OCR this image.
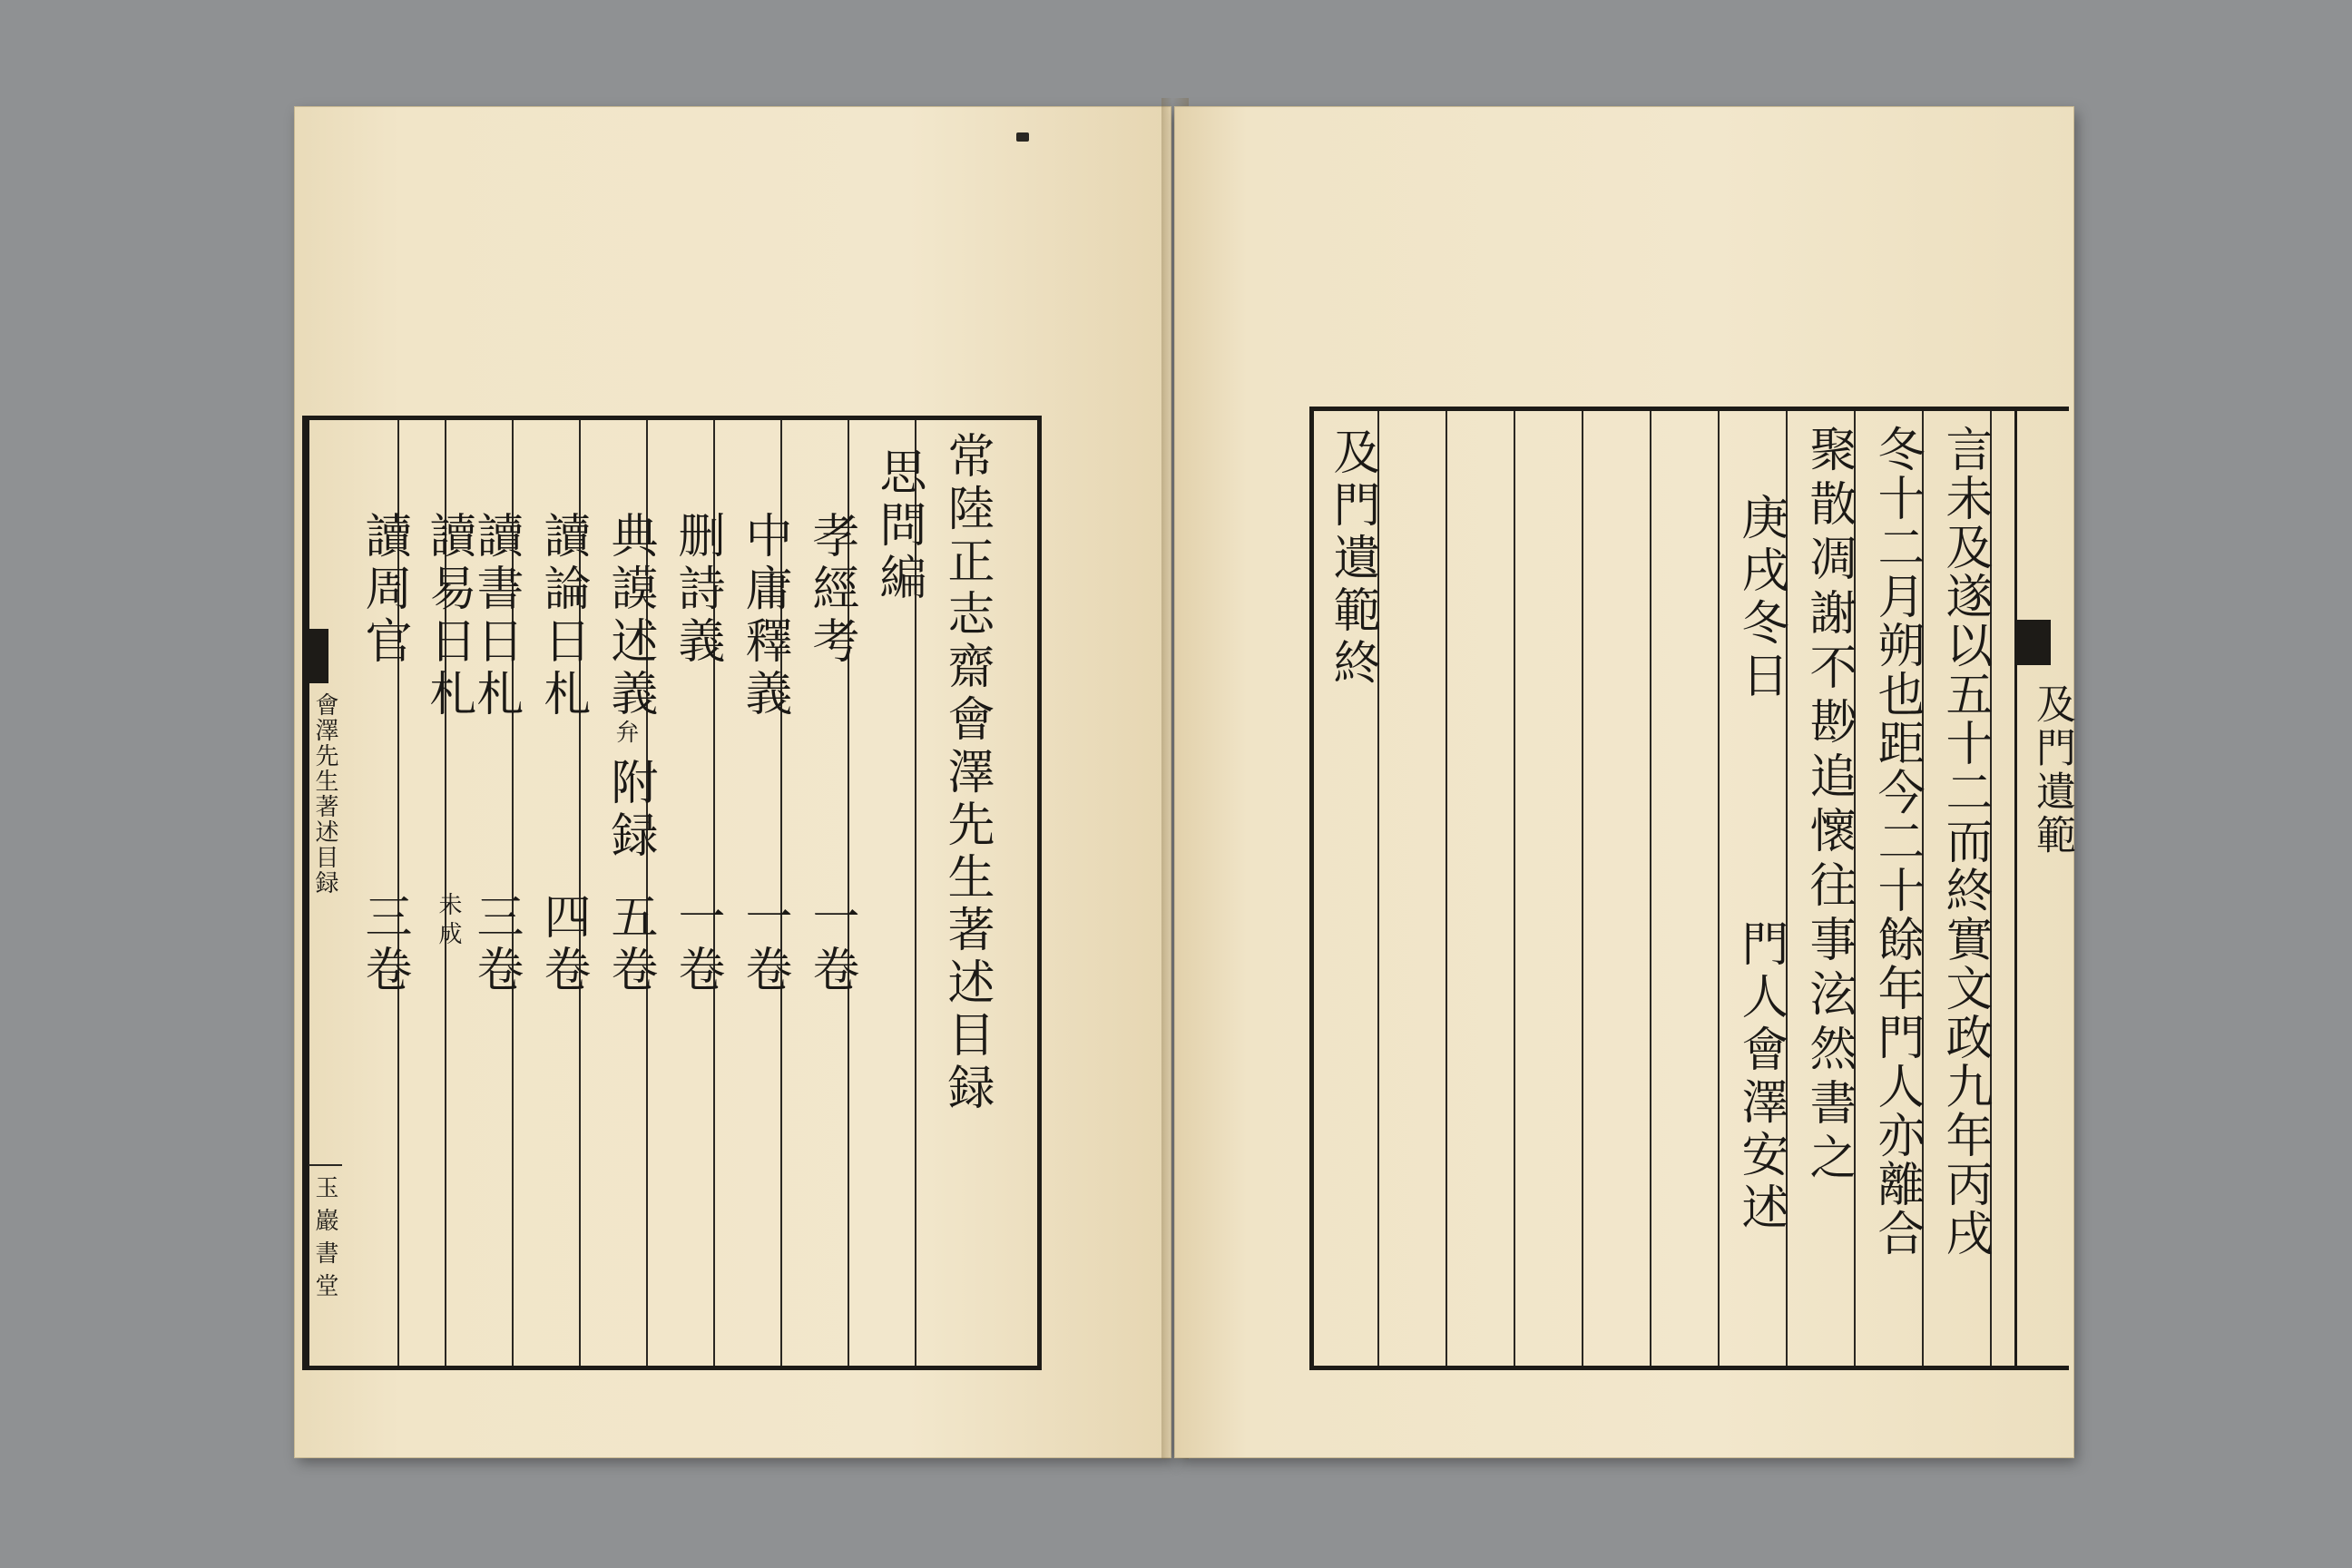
會澤先生著述目録
玉巖書堂
常陸正志齋會澤先生著述目録
思問編
孝經考
一卷
中庸釋義
一卷
删詩義
一卷
典謨述義
弁
附録
五卷
讀論日札
四卷
讀書日札
三卷
讀易日札
未成
讀周官
三卷
及門遺範終	言未及遂以五十二而終實文政九年丙戌
冬十二月朔也距今二十餘年門人亦離合
聚散凋謝不尠追懷往事泫然書之
庚戌冬日
門人會澤安述
及門遺範
